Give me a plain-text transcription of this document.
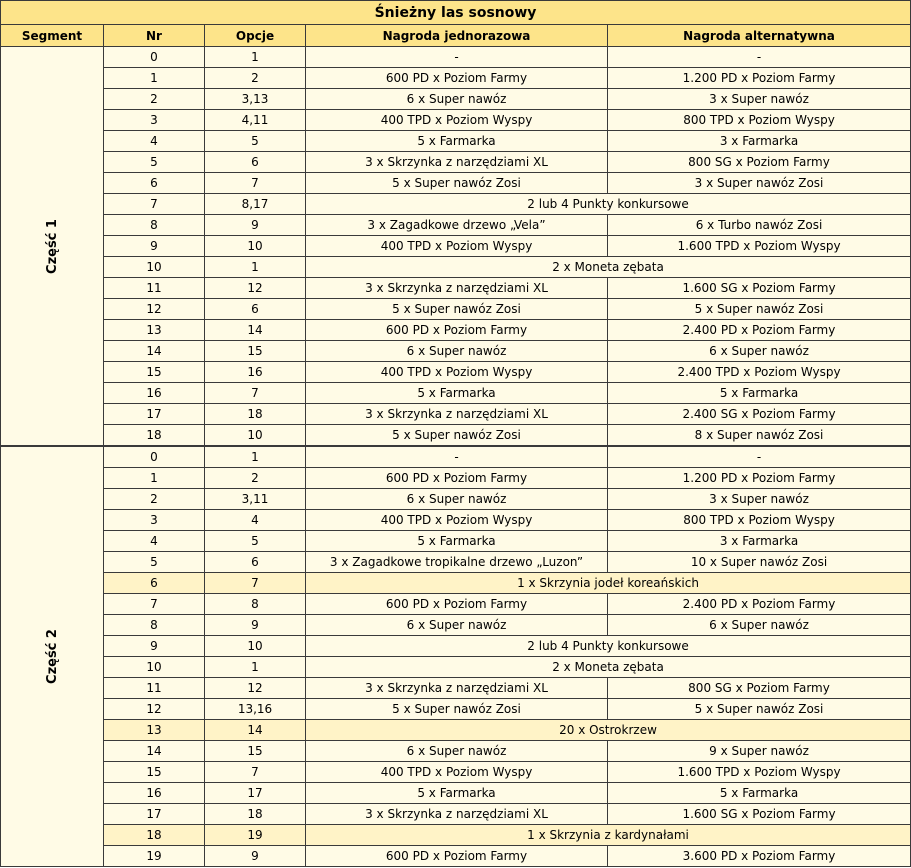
Śnieżny las sosnowy				
Segment	Nr	Opcje	Nagroda jednorazowa	Nagroda alternatywna
Część 1	0	1	-	-
	1	2	600 PD x Poziom Farmy	1.200 PD x Poziom Farmy
	2	3,13	6 x Super nawóz	3 x Super nawóz
	3	4,11	400 TPD x Poziom Wyspy	800 TPD x Poziom Wyspy
	4	5	5 x Farmarka	3 x Farmarka
	5	6	3 x Skrzynka z narzędziami XL	800 SG x Poziom Farmy
	6	7	5 x Super nawóz Zosi	3 x Super nawóz Zosi
	7	8,17	2 lub 4 Punkty konkursowe	
	8	9	3 x Zagadkowe drzewo „Vela”	6 x Turbo nawóz Zosi
	9	10	400 TPD x Poziom Wyspy	1.600 TPD x Poziom Wyspy
	10	1	2 x Moneta zębata	
	11	12	3 x Skrzynka z narzędziami XL	1.600 SG x Poziom Farmy
	12	6	5 x Super nawóz Zosi	5 x Super nawóz Zosi
	13	14	600 PD x Poziom Farmy	2.400 PD x Poziom Farmy
	14	15	6 x Super nawóz	6 x Super nawóz
	15	16	400 TPD x Poziom Wyspy	2.400 TPD x Poziom Wyspy
	16	7	5 x Farmarka	5 x Farmarka
	17	18	3 x Skrzynka z narzędziami XL	2.400 SG x Poziom Farmy
	18	10	5 x Super nawóz Zosi	8 x Super nawóz Zosi
Część 2	0	1	-	-
	1	2	600 PD x Poziom Farmy	1.200 PD x Poziom Farmy
	2	3,11	6 x Super nawóz	3 x Super nawóz
	3	4	400 TPD x Poziom Wyspy	800 TPD x Poziom Wyspy
	4	5	5 x Farmarka	3 x Farmarka
	5	6	3 x Zagadkowe tropikalne drzewo „Luzon”	10 x Super nawóz Zosi
	6	7	1 x Skrzynia jodeł koreańskich	
	7	8	600 PD x Poziom Farmy	2.400 PD x Poziom Farmy
	8	9	6 x Super nawóz	6 x Super nawóz
	9	10	2 lub 4 Punkty konkursowe	
	10	1	2 x Moneta zębata	
	11	12	3 x Skrzynka z narzędziami XL	800 SG x Poziom Farmy
	12	13,16	5 x Super nawóz Zosi	5 x Super nawóz Zosi
	13	14	20 x Ostrokrzew	
	14	15	6 x Super nawóz	9 x Super nawóz
	15	7	400 TPD x Poziom Wyspy	1.600 TPD x Poziom Wyspy
	16	17	5 x Farmarka	5 x Farmarka
	17	18	3 x Skrzynka z narzędziami XL	1.600 SG x Poziom Farmy
	18	19	1 x Skrzynia z kardynałami	
	19	9	600 PD x Poziom Farmy	3.600 PD x Poziom Farmy
